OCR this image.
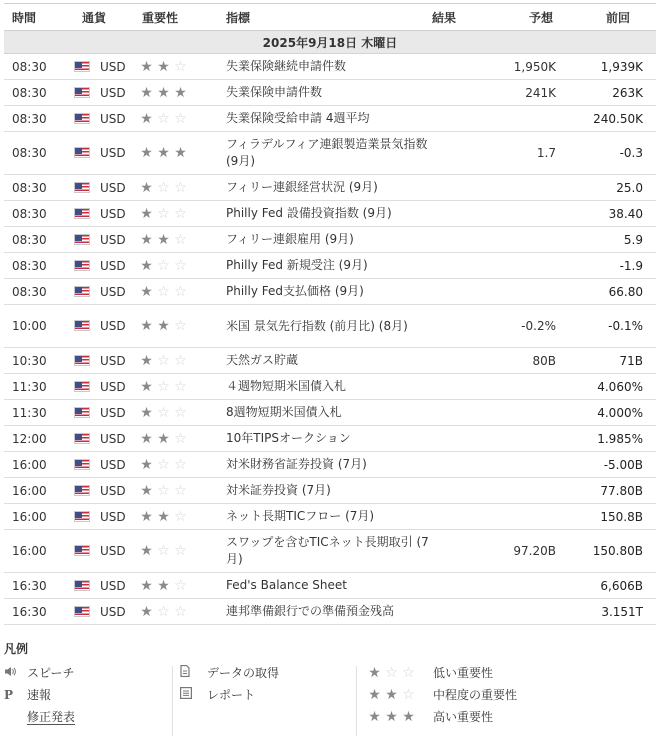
時間	通貨	重要性	指標	結果	予想	前回
2025年9月18日 木曜日						
08:30	USD	★ ★ ☆	失業保険継続申請件数		1,950K	1,939K
08:30	USD	★ ★ ★	失業保険申請件数		241K	263K
08:30	USD	★ ☆ ☆	失業保険受給申請 4週平均			240.50K
08:30	USD	★ ★ ★	フィラデルフィア連銀製造業景気指数 (9月)		1.7	-0.3
08:30	USD	★ ☆ ☆	フィリー連銀経営状況 (9月)			25.0
08:30	USD	★ ☆ ☆	Philly Fed 設備投資指数 (9月)			38.40
08:30	USD	★ ★ ☆	フィリー連銀雇用 (9月)			5.9
08:30	USD	★ ☆ ☆	Philly Fed 新規受注 (9月)			-1.9
08:30	USD	★ ☆ ☆	Philly Fed支払価格 (9月)			66.80
10:00	USD	★ ★ ☆	米国 景気先行指数 (前月比) (8月)		-0.2%	-0.1%
10:30	USD	★ ☆ ☆	天然ガス貯蔵		80B	71B
11:30	USD	★ ☆ ☆	４週物短期米国債入札			4.060%
11:30	USD	★ ☆ ☆	8週物短期米国債入札			4.000%
12:00	USD	★ ★ ☆	10年TIPSオークション			1.985%
16:00	USD	★ ☆ ☆	対米財務省証券投資 (7月)			-5.00B
16:00	USD	★ ☆ ☆	対米証券投資 (7月)			77.80B
16:00	USD	★ ★ ☆	ネット長期TICフロー (7月)			150.8B
16:00	USD	★ ☆ ☆	スワップを含むTICネット長期取引 (7月)		97.20B	150.80B
16:30	USD	★ ★ ☆	Fed's Balance Sheet			6,606B
16:30	USD	★ ☆ ☆	連邦準備銀行での準備預金残高			3.151T
凡例
スピーチ
P 速報
修正発表
データの取得
レポート
★ ☆ ☆ 低い重要性
★ ★ ☆ 中程度の重要性
★ ★ ★ 高い重要性
